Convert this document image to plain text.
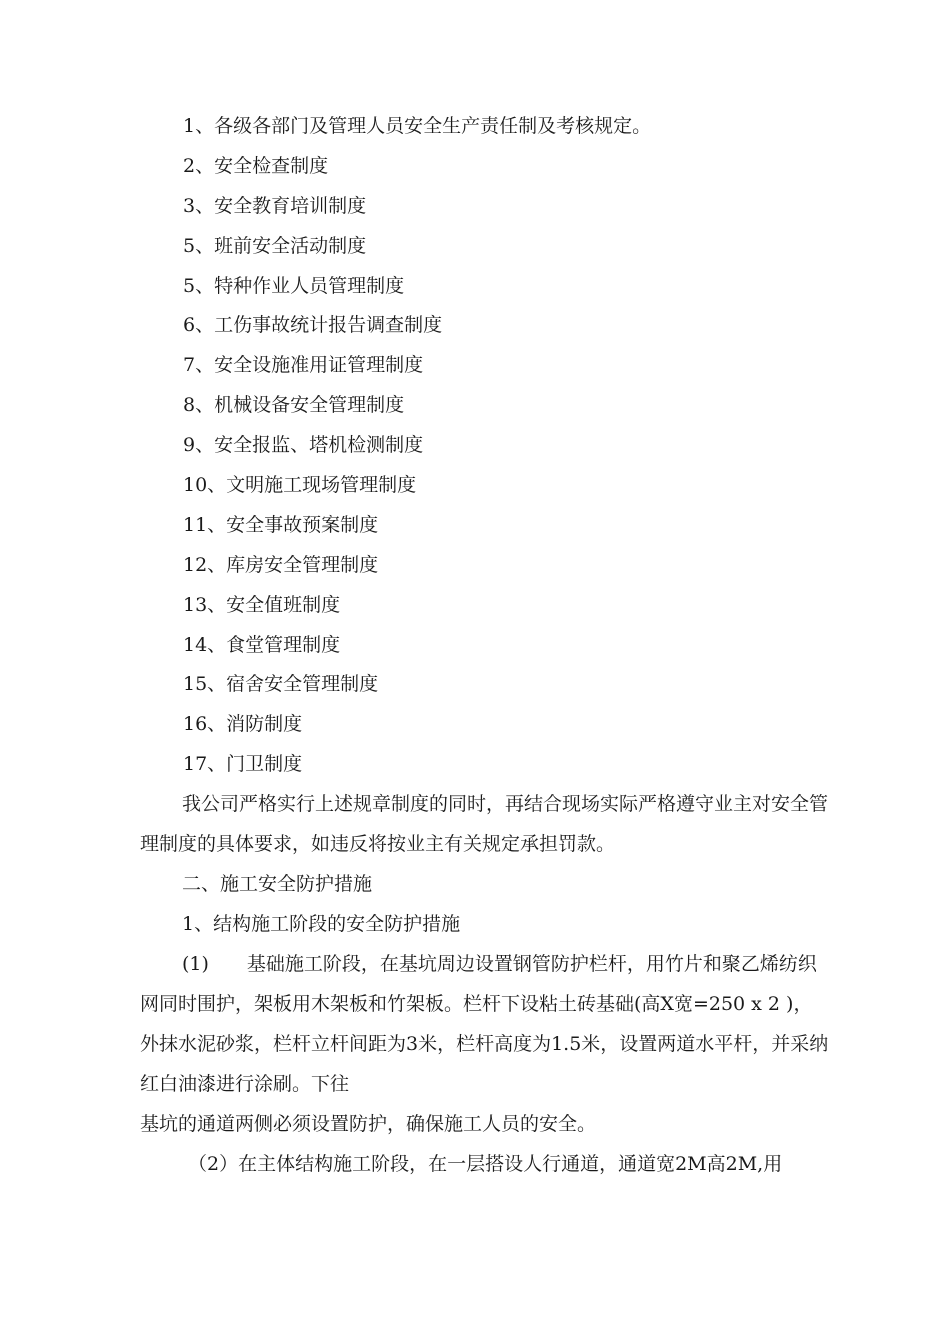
1、各级各部门及管理人员安全生产责任制及考核规定。
2、安全检查制度
3、安全教育培训制度
5、班前安全活动制度
5、特种作业人员管理制度
6、工伤事故统计报告调查制度
7、安全设施准用证管理制度
8、机械设备安全管理制度
9、安全报监、塔机检测制度
10、文明施工现场管理制度
11、安全事故预案制度
12、库房安全管理制度
13、安全值班制度
14、食堂管理制度
15、宿舍安全管理制度
16、消防制度
17、门卫制度

我公司严格实行上述规章制度的同时，再结合现场实际严格遵守业主对安全管理制度的具体要求，如违反将按业主有关规定承担罚款。

二、施工安全防护措施

1、结构施工阶段的安全防护措施

(1)　　基础施工阶段，在基坑周边设置钢管防护栏杆，用竹片和聚乙烯纺织网同时围护，架板用木架板和竹架板。栏杆下设粘土砖基础(高X宽=250 x 2 )，外抹水泥砂浆，栏杆立杆间距为3米，栏杆高度为1.5米，设置两道水平杆，并采纳红白油漆进行涂刷。下往

基坑的通道两侧必须设置防护，确保施工人员的安全。

（2）在主体结构施工阶段，在一层搭设人行通道，通道宽2M高2M,用
